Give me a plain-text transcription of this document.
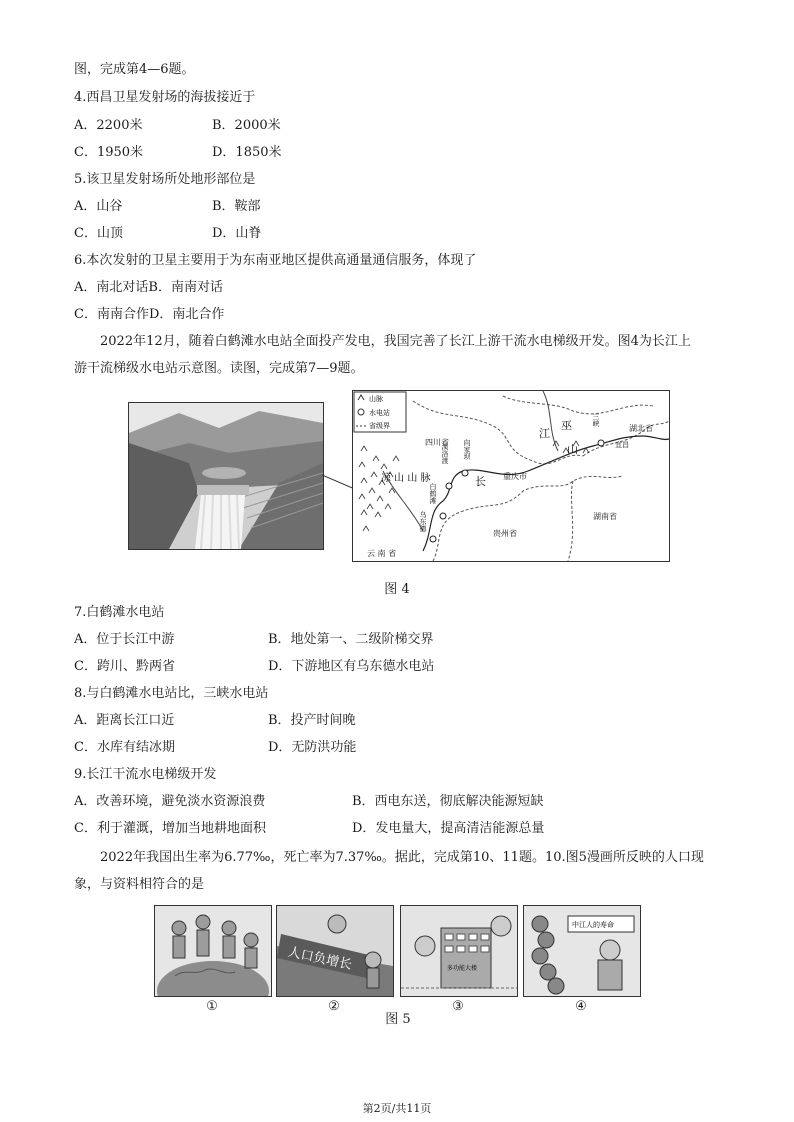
图，完成第4—6题。
4.西昌卫星发射场的海拔接近于
A．2200米	B．2000米
C．1950米	D．1850米
5.该卫星发射场所处地形部位是
A．山谷	B．鞍部
C．山顶	D．山脊
6.本次发射的卫星主要用于为东南亚地区提供高通量通信服务，体现了
A．南北对话B．南南对话
C．南南合作D．南北合作
2022年12月，随着白鹤滩水电站全面投产发电，我国完善了长江上游干流水电梯级开发。图4为长江上
游干流梯级水电站示意图。读图，完成第7—9题。
山脉
水电站
省级界
四川省
湖北省
湖南省
贵州省
云 南 省
重庆市
宜昌
江
巫
山
长
凉 山 山 脉
三峡
向家坝
溪洛渡
白鹤滩
乌东德
图 4
7.白鹤滩水电站
A．位于长江中游	B．地处第一、二级阶梯交界
C．跨川、黔两省	D．下游地区有乌东德水电站
8.与白鹤滩水电站比，三峡水电站
A．距离长江口近	B．投产时间晚
C．水库有结冰期	D．无防洪功能
9.长江干流水电梯级开发
A．改善环境，避免淡水资源浪费	B．西电东送，彻底解决能源短缺
C．利于灌溉，增加当地耕地面积	D．发电量大，提高清洁能源总量
2022年我国出生率为6.77‰，死亡率为7.37‰。据此，完成第10、11题。10.图5漫画所反映的人口现
象，与资料相符合的是
人口负增长	多功能大楼
中江人的寿命
①	②	③	④
图 5
第2页/共11页
